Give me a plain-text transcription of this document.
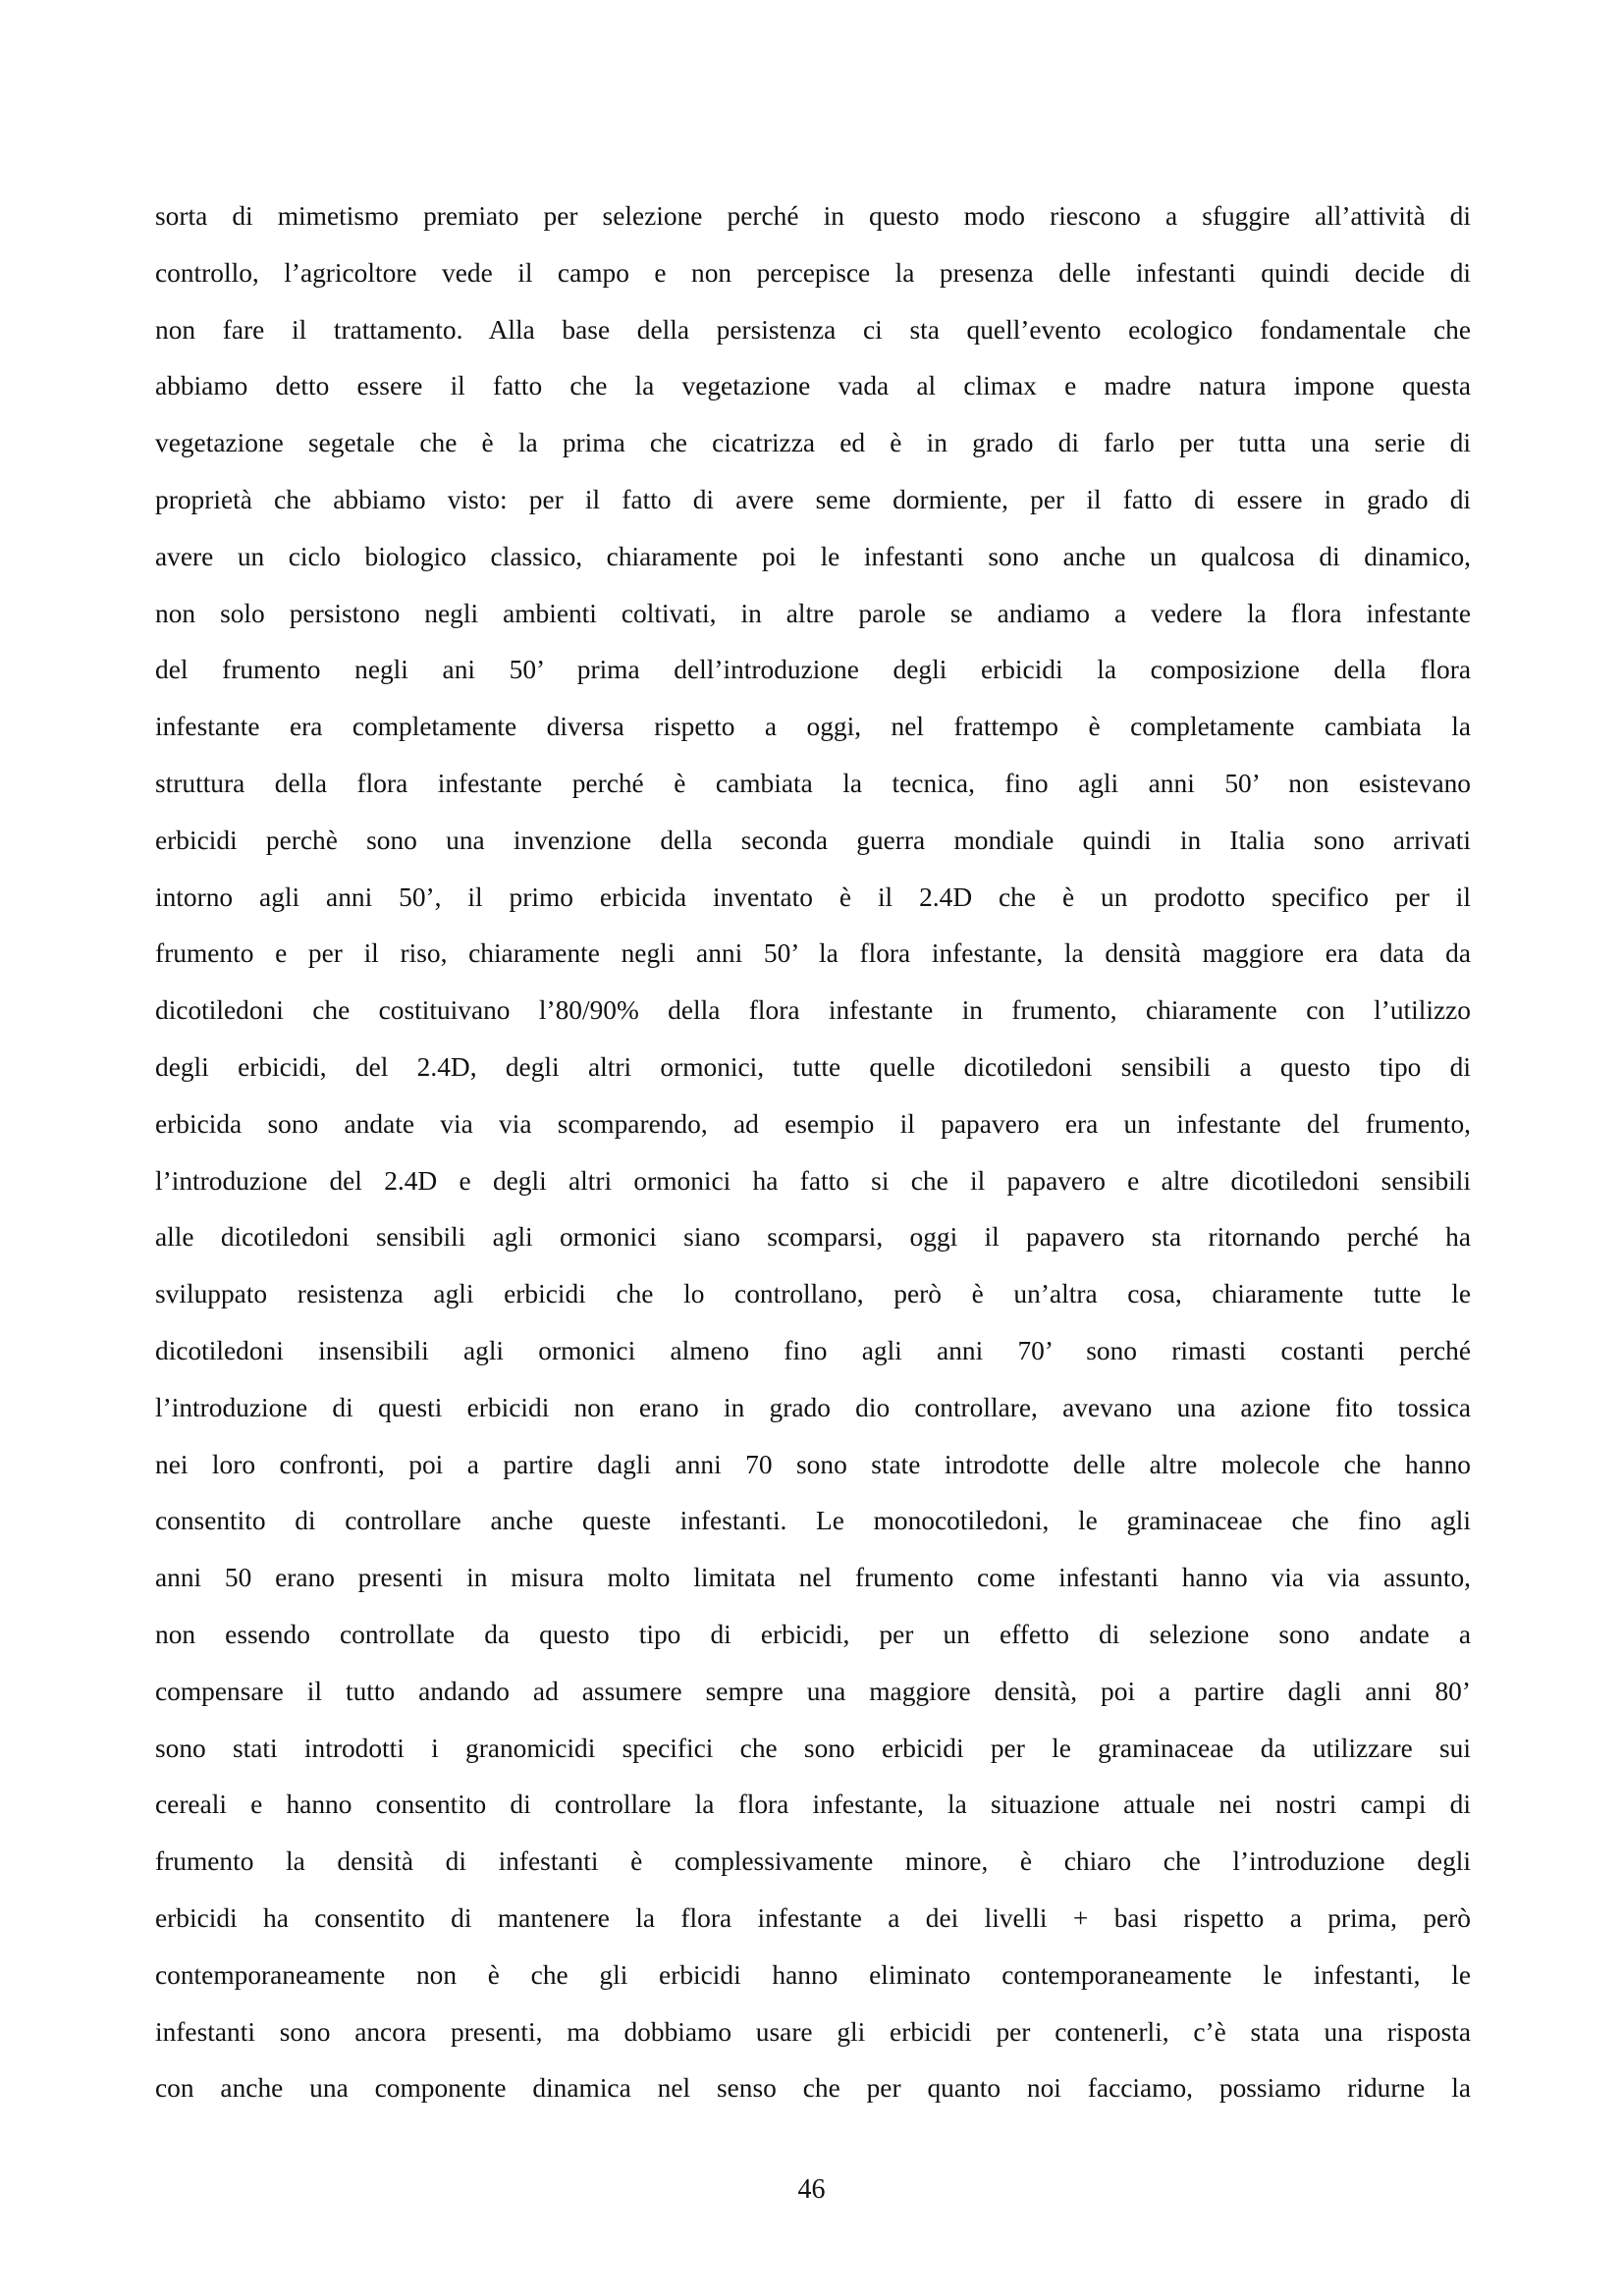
sorta di mimetismo premiato per selezione perché in questo modo riescono a sfuggire all’attività di
controllo, l’agricoltore vede il campo e non percepisce la presenza delle infestanti quindi decide di
non fare il trattamento. Alla base della persistenza ci sta quell’evento ecologico fondamentale che
abbiamo detto essere il fatto che la vegetazione vada al climax e madre natura impone questa
vegetazione segetale che è la prima che cicatrizza ed è in grado di farlo per tutta una serie di
proprietà che abbiamo visto: per il fatto di avere seme dormiente, per il fatto di essere in grado di
avere un ciclo biologico classico, chiaramente poi le infestanti sono anche un qualcosa di dinamico,
non solo persistono negli ambienti coltivati, in altre parole se andiamo a vedere la flora infestante
del frumento negli ani 50’ prima dell’introduzione degli erbicidi la composizione della flora
infestante era completamente diversa rispetto a oggi, nel frattempo è completamente cambiata la
struttura della flora infestante perché è cambiata la tecnica, fino agli anni 50’ non esistevano
erbicidi perchè sono una invenzione della seconda guerra mondiale quindi in Italia sono arrivati
intorno agli anni 50’, il primo erbicida inventato è il 2.4D che è un prodotto specifico per il
frumento e per il riso, chiaramente negli anni 50’ la flora infestante, la densità maggiore era data da
dicotiledoni che costituivano l’80/90% della flora infestante in frumento, chiaramente con l’utilizzo
degli erbicidi, del 2.4D, degli altri ormonici, tutte quelle dicotiledoni sensibili a questo tipo di
erbicida sono andate via via scomparendo, ad esempio il papavero era un infestante del frumento,
l’introduzione del 2.4D e degli altri ormonici ha fatto si che il papavero e altre dicotiledoni sensibili
alle dicotiledoni sensibili agli ormonici siano scomparsi, oggi il papavero sta ritornando perché ha
sviluppato resistenza agli erbicidi che lo controllano, però è un’altra cosa, chiaramente tutte le
dicotiledoni insensibili agli ormonici almeno fino agli anni 70’ sono rimasti costanti perché
l’introduzione di questi erbicidi non erano in grado dio controllare, avevano una azione fito tossica
nei loro confronti, poi a partire dagli anni 70 sono state introdotte delle altre molecole che hanno
consentito di controllare anche queste infestanti. Le monocotiledoni, le graminaceae che fino agli
anni 50 erano presenti in misura molto limitata nel frumento come infestanti hanno via via assunto,
non essendo controllate da questo tipo di erbicidi, per un effetto di selezione sono andate a
compensare il tutto andando ad assumere sempre una maggiore densità, poi a partire dagli anni 80’
sono stati introdotti i granomicidi specifici che sono erbicidi per le graminaceae da utilizzare sui
cereali e hanno consentito di controllare la flora infestante, la situazione attuale nei nostri campi di
frumento la densità di infestanti è complessivamente minore, è chiaro che l’introduzione degli
erbicidi ha consentito di mantenere la flora infestante a dei livelli + basi rispetto a prima, però
contemporaneamente non è che gli erbicidi hanno eliminato contemporaneamente le infestanti, le
infestanti sono ancora presenti, ma dobbiamo usare gli erbicidi per contenerli, c’è stata una risposta
con anche una componente dinamica nel senso che per quanto noi facciamo, possiamo ridurne la
46
